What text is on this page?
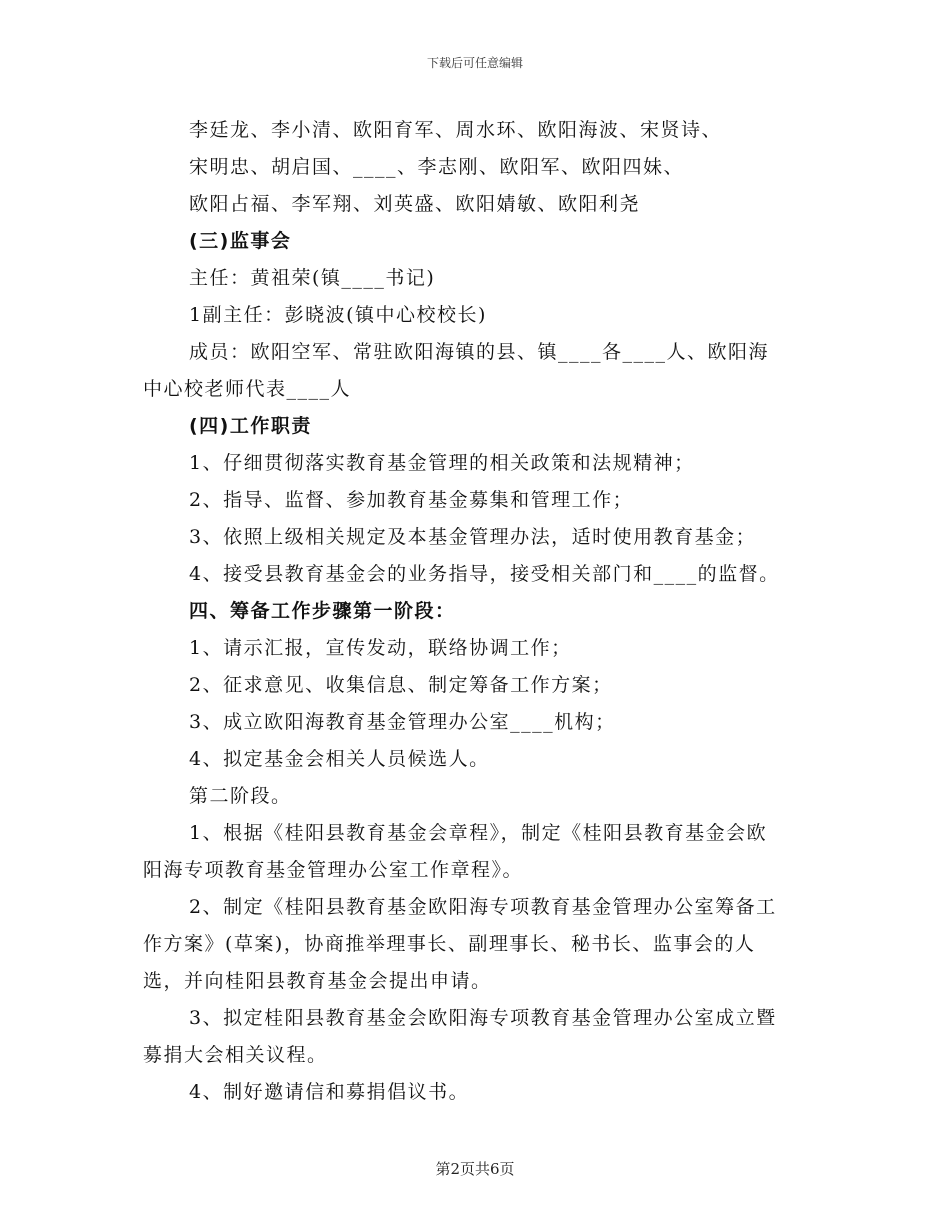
下载后可任意编辑
李廷龙、李小清、欧阳育军、周水环、欧阳海波、宋贤诗、
宋明忠、胡启国、____、李志刚、欧阳军、欧阳四妹、
欧阳占福、李军翔、刘英盛、欧阳婧敏、欧阳利尧
(三)监事会
主任：黄祖荣(镇____书记)
1副主任：彭晓波(镇中心校校长)
成员：欧阳空军、常驻欧阳海镇的县、镇____各____人、欧阳海
中心校老师代表____人
(四)工作职责
1、仔细贯彻落实教育基金管理的相关政策和法规精神；
2、指导、监督、参加教育基金募集和管理工作；
3、依照上级相关规定及本基金管理办法，适时使用教育基金；
4、接受县教育基金会的业务指导，接受相关部门和____的监督。
四、筹备工作步骤第一阶段：
1、请示汇报，宣传发动，联络协调工作；
2、征求意见、收集信息、制定筹备工作方案；
3、成立欧阳海教育基金管理办公室____机构；
4、拟定基金会相关人员候选人。
第二阶段。
1、根据《桂阳县教育基金会章程》，制定《桂阳县教育基金会欧
阳海专项教育基金管理办公室工作章程》。
2、制定《桂阳县教育基金欧阳海专项教育基金管理办公室筹备工
作方案》(草案)，协商推举理事长、副理事长、秘书长、监事会的人
选，并向桂阳县教育基金会提出申请。
3、拟定桂阳县教育基金会欧阳海专项教育基金管理办公室成立暨
募捐大会相关议程。
4、制好邀请信和募捐倡议书。
第2页共6页
